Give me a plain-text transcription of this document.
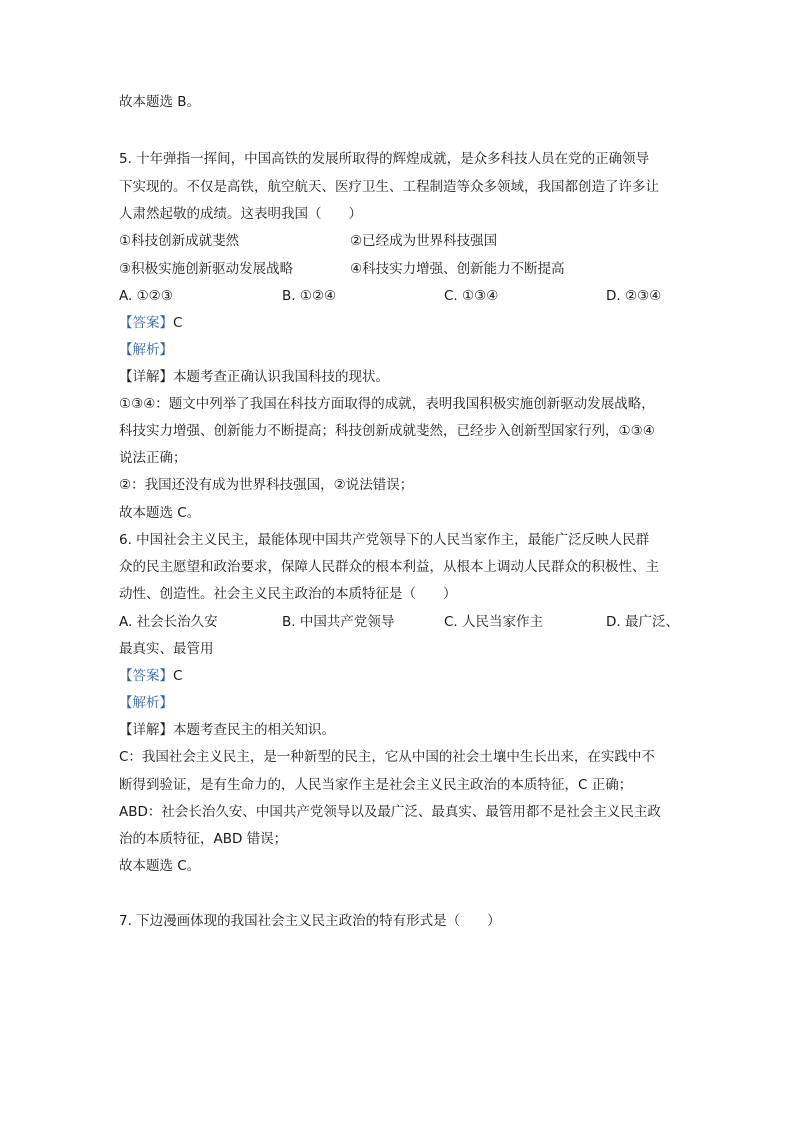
故本题选 B。
5. 十年弹指一挥间，中国高铁的发展所取得的辉煌成就，是众多科技人员在党的正确领导
下实现的。不仅是高铁，航空航天、医疗卫生、工程制造等众多领域，我国都创造了许多让
人肃然起敬的成绩。这表明我国（　　）
①科技创新成就斐然	②已经成为世界科技强国
③积极实施创新驱动发展战略	④科技实力增强、创新能力不断提高
A. ①②③	B. ①②④	C. ①③④	D. ②③④
【答案】C
【解析】
【详解】本题考查正确认识我国科技的现状。
①③④：题文中列举了我国在科技方面取得的成就，表明我国积极实施创新驱动发展战略，
科技实力增强、创新能力不断提高；科技创新成就斐然，已经步入创新型国家行列，①③④
说法正确；
②：我国还没有成为世界科技强国，②说法错误；
故本题选 C。
6. 中国社会主义民主，最能体现中国共产党领导下的人民当家作主，最能广泛反映人民群
众的民主愿望和政治要求，保障人民群众的根本利益，从根本上调动人民群众的积极性、主
动性、创造性。社会主义民主政治的本质特征是（　　）
A. 社会长治久安	B. 中国共产党领导	C. 人民当家作主	D. 最广泛、
最真实、最管用
【答案】C
【解析】
【详解】本题考查民主的相关知识。
C：我国社会主义民主，是一种新型的民主，它从中国的社会土壤中生长出来，在实践中不
断得到验证，是有生命力的，人民当家作主是社会主义民主政治的本质特征，C 正确；
ABD：社会长治久安、中国共产党领导以及最广泛、最真实、最管用都不是社会主义民主政
治的本质特征，ABD 错误；
故本题选 C。
7. 下边漫画体现的我国社会主义民主政治的特有形式是（　　）
